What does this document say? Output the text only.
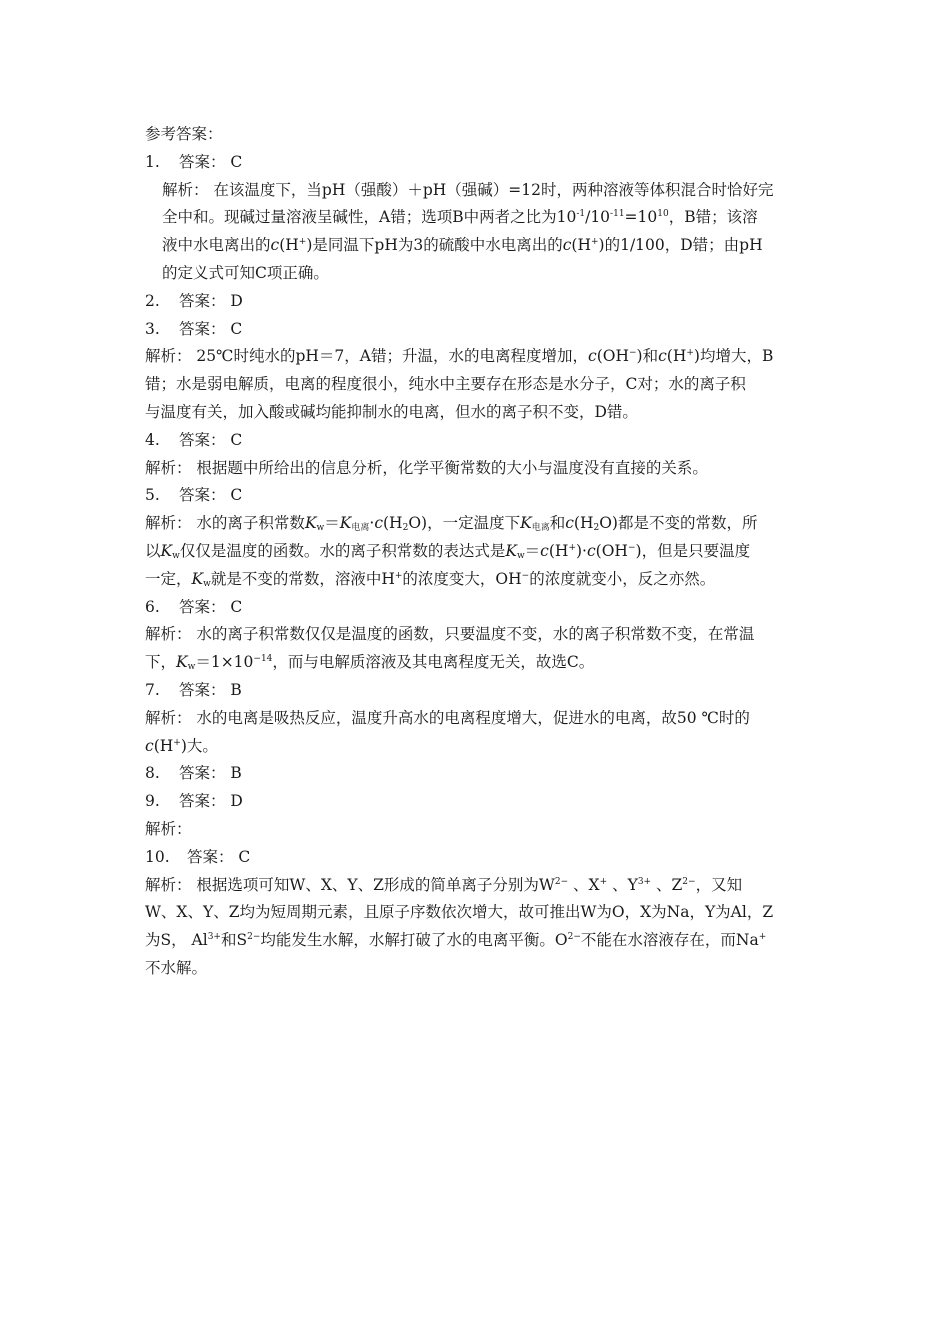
参考答案：
1. 答案： C
解析： 在该温度下，当pH（强酸）＋pH（强碱）=12时，两种溶液等体积混合时恰好完
全中和。现碱过量溶液呈碱性，A错；选项B中两者之比为$10^{-1}/10^{-11}=10^{10}$，B错；该溶
液中水电离出的c(H+)是同温下pH为3的硫酸中水电离出的c(H+)的1/100，D错；由pH
的定义式可知C项正确。
2. 答案： D
3. 答案： C
解析： 25℃时纯水的pH＝7，A错；升温，水的电离程度增加，c(OH−)和c(H+)均增大，B
错；水是弱电解质，电离的程度很小，纯水中主要存在形态是水分子，C对；水的离子积
与温度有关，加入酸或碱均能抑制水的电离，但水的离子积不变，D错。
4. 答案： C
解析： 根据题中所给出的信息分析，化学平衡常数的大小与温度没有直接的关系。
5. 答案： C
解析： 水的离子积常数$K_w=K_{电离}\cdot c(H_2O)$，一定温度下$K_{电离}$和$c(H_2O)$都是不变的常数，所
以$K_w$仅仅是温度的函数。水的离子积常数的表达式是$K_w=c(H^+)\cdot c(OH^-)$，但是只要温度
一定，$K_w$就是不变的常数，溶液中H+的浓度变大，OH−的浓度就变小，反之亦然。
6. 答案： C
解析： 水的离子积常数仅仅是温度的函数，只要温度不变，水的离子积常数不变，在常温
下，$K_w=1\times 10^{-14}$，而与电解质溶液及其电离程度无关，故选C。
7. 答案： B
解析： 水的电离是吸热反应，温度升高水的电离程度增大，促进水的电离，故50 ℃时的
c(H+)大。
8. 答案： B
9. 答案： D
解析：
10. 答案： C
解析： 根据选项可知W、X、Y、Z形成的简单离子分别为$W^{2-}$ 、X+ 、$Y^{3+}$ 、$Z^{2-}$，又知
W、X、Y、Z均为短周期元素，且原子序数依次增大，故可推出W为O，X为Na，Y为Al，Z
为S， $Al^{3+}$和$S^{2-}$均能发生水解，水解打破了水的电离平衡。$O^{2-}$不能在水溶液存在，而Na+
不水解。
